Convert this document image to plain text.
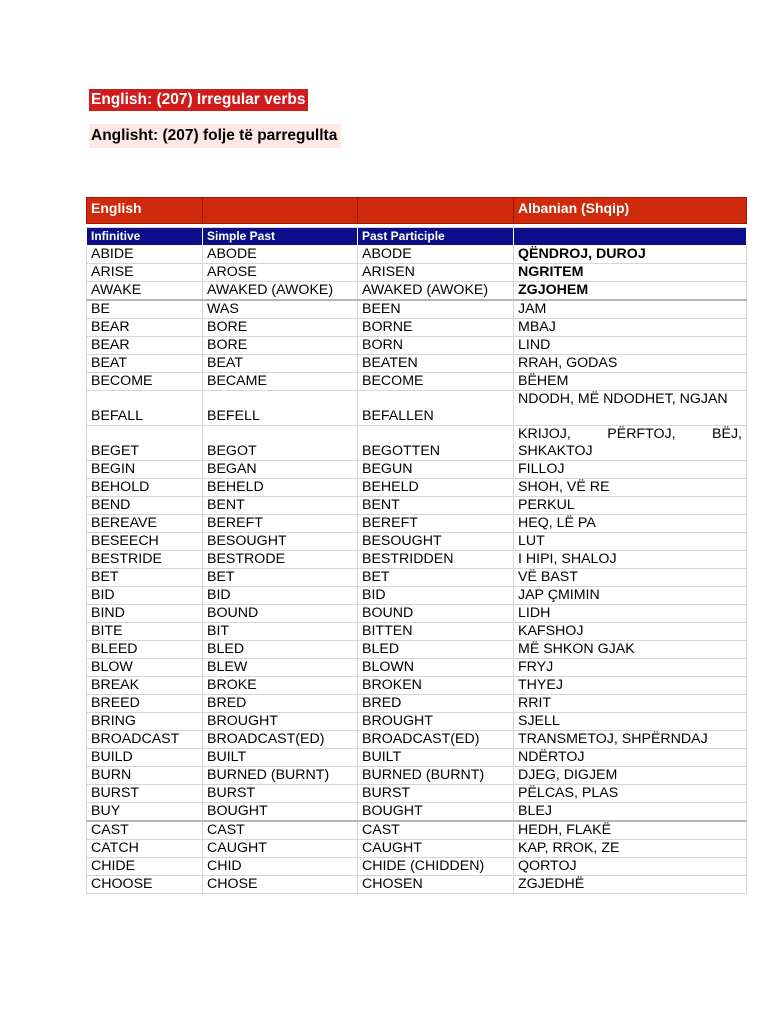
English: (207) Irregular verbs
Anglisht: (207) folje të parregullta
English			Albanian (Shqip)

Infinitive	Simple Past	Past Participle	
ABIDE	ABODE	ABODE	QËNDROJ, DUROJ
ARISE	AROSE	ARISEN	NGRITEM
AWAKE	AWAKED (AWOKE)	AWAKED (AWOKE)	ZGJOHEM
BE	WAS	BEEN	JAM
BEAR	BORE	BORNE	MBAJ
BEAR	BORE	BORN	LIND
BEAT	BEAT	BEATEN	RRAH, GODAS
BECOME	BECAME	BECOME	BËHEM
BEFALL	BEFELL	BEFALLEN	NDODH, MË NDODHET, NGJAN
BEGET	BEGOT	BEGOTTEN	KRIJOJ, PËRFTOJ, BËJ, SHKAKTOJ
BEGIN	BEGAN	BEGUN	FILLOJ
BEHOLD	BEHELD	BEHELD	SHOH, VË RE
BEND	BENT	BENT	PERKUL
BEREAVE	BEREFT	BEREFT	HEQ, LË PA
BESEECH	BESOUGHT	BESOUGHT	LUT
BESTRIDE	BESTRODE	BESTRIDDEN	I HIPI, SHALOJ
BET	BET	BET	VË BAST
BID	BID	BID	JAP ÇMIMIN
BIND	BOUND	BOUND	LIDH
BITE	BIT	BITTEN	KAFSHOJ
BLEED	BLED	BLED	MË SHKON GJAK
BLOW	BLEW	BLOWN	FRYJ
BREAK	BROKE	BROKEN	THYEJ
BREED	BRED	BRED	RRIT
BRING	BROUGHT	BROUGHT	SJELL
BROADCAST	BROADCAST(ED)	BROADCAST(ED)	TRANSMETOJ, SHPËRNDAJ
BUILD	BUILT	BUILT	NDËRTOJ
BURN	BURNED (BURNT)	BURNED (BURNT)	DJEG, DIGJEM
BURST	BURST	BURST	PËLCAS, PLAS
BUY	BOUGHT	BOUGHT	BLEJ
CAST	CAST	CAST	HEDH, FLAKË
CATCH	CAUGHT	CAUGHT	KAP, RROK, ZE
CHIDE	CHID	CHIDE (CHIDDEN)	QORTOJ
CHOOSE	CHOSE	CHOSEN	ZGJEDHË
